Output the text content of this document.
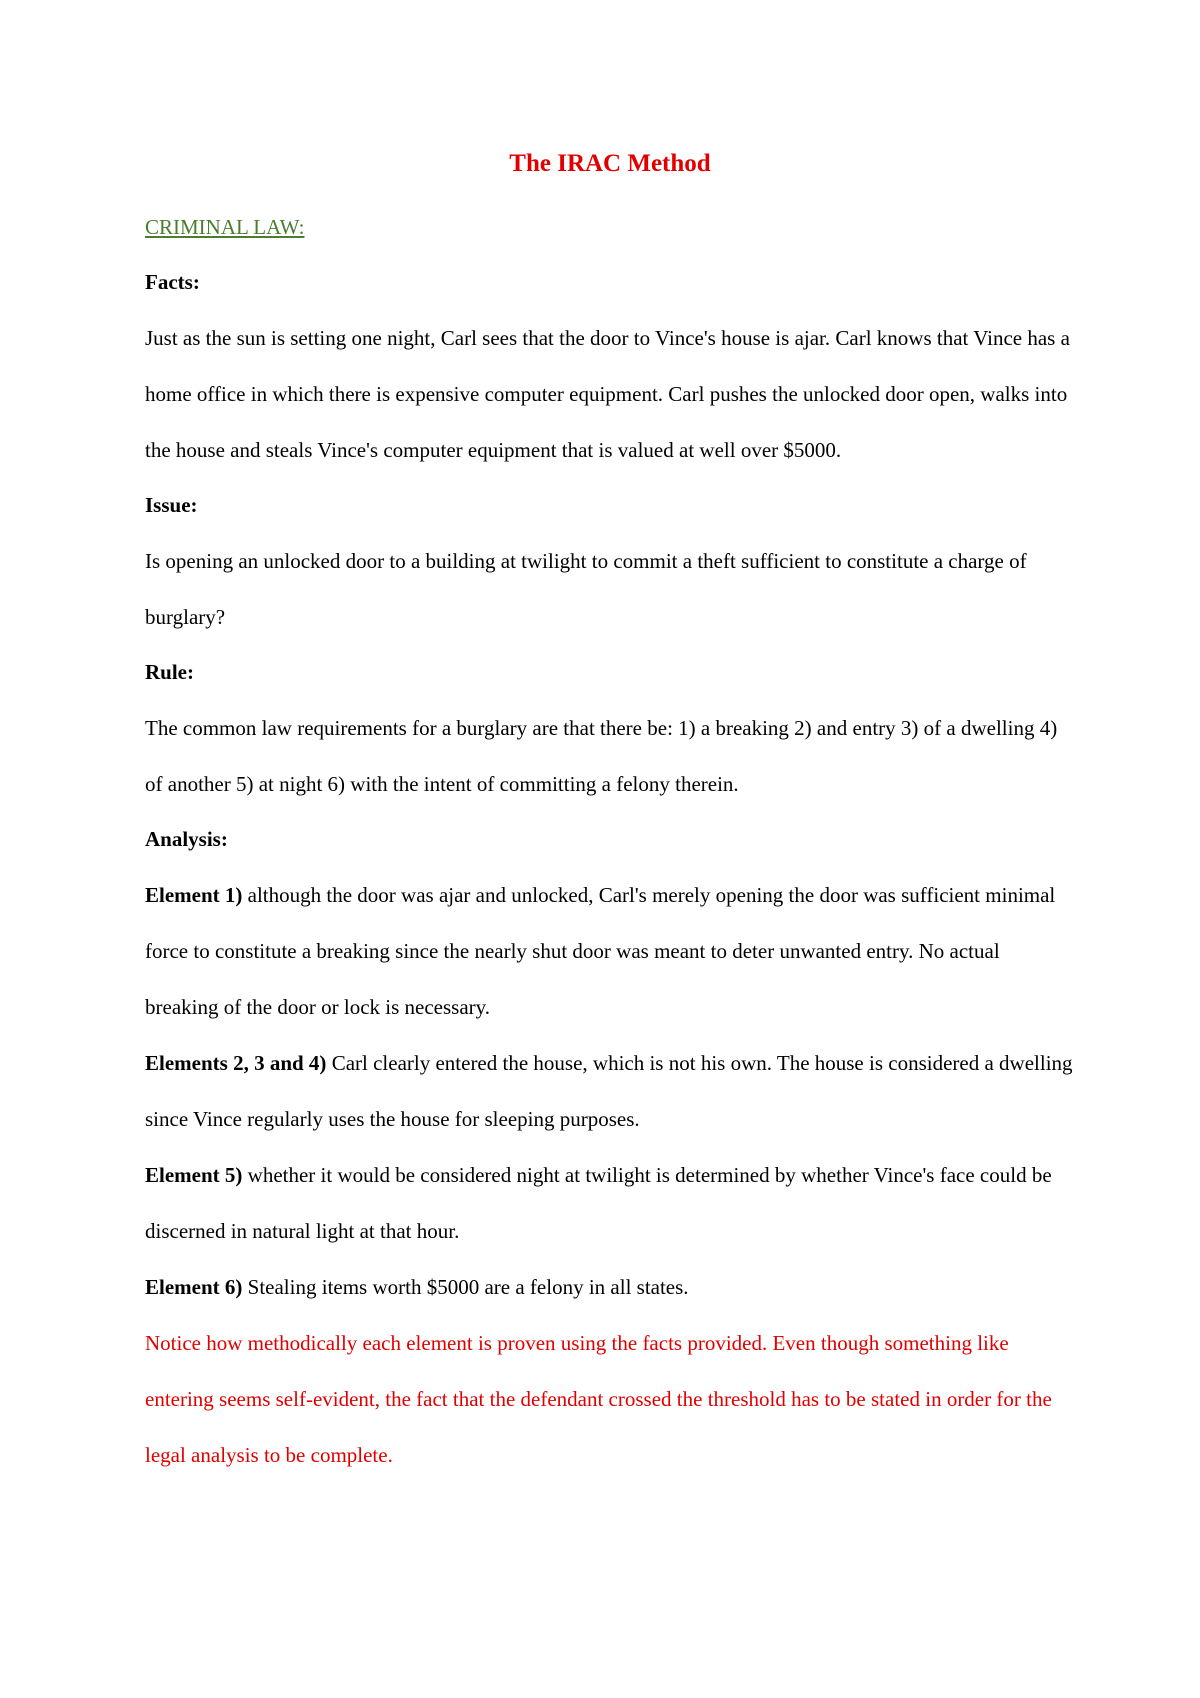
The IRAC Method

CRIMINAL LAW:

Facts:

Just as the sun is setting one night, Carl sees that the door to Vince's house is ajar. Carl knows that Vince has a home office in which there is expensive computer equipment. Carl pushes the unlocked door open, walks into the house and steals Vince's computer equipment that is valued at well over $5000.

Issue:

Is opening an unlocked door to a building at twilight to commit a theft sufficient to constitute a charge of burglary?

Rule:

The common law requirements for a burglary are that there be: 1) a breaking 2) and entry 3) of a dwelling 4) of another 5) at night 6) with the intent of committing a felony therein.

Analysis:

Element 1) although the door was ajar and unlocked, Carl's merely opening the door was sufficient minimal force to constitute a breaking since the nearly shut door was meant to deter unwanted entry. No actual breaking of the door or lock is necessary.

Elements 2, 3 and 4) Carl clearly entered the house, which is not his own. The house is considered a dwelling since Vince regularly uses the house for sleeping purposes.

Element 5) whether it would be considered night at twilight is determined by whether Vince's face could be discerned in natural light at that hour.

Element 6) Stealing items worth $5000 are a felony in all states.

Notice how methodically each element is proven using the facts provided. Even though something like entering seems self-evident, the fact that the defendant crossed the threshold has to be stated in order for the legal analysis to be complete.
